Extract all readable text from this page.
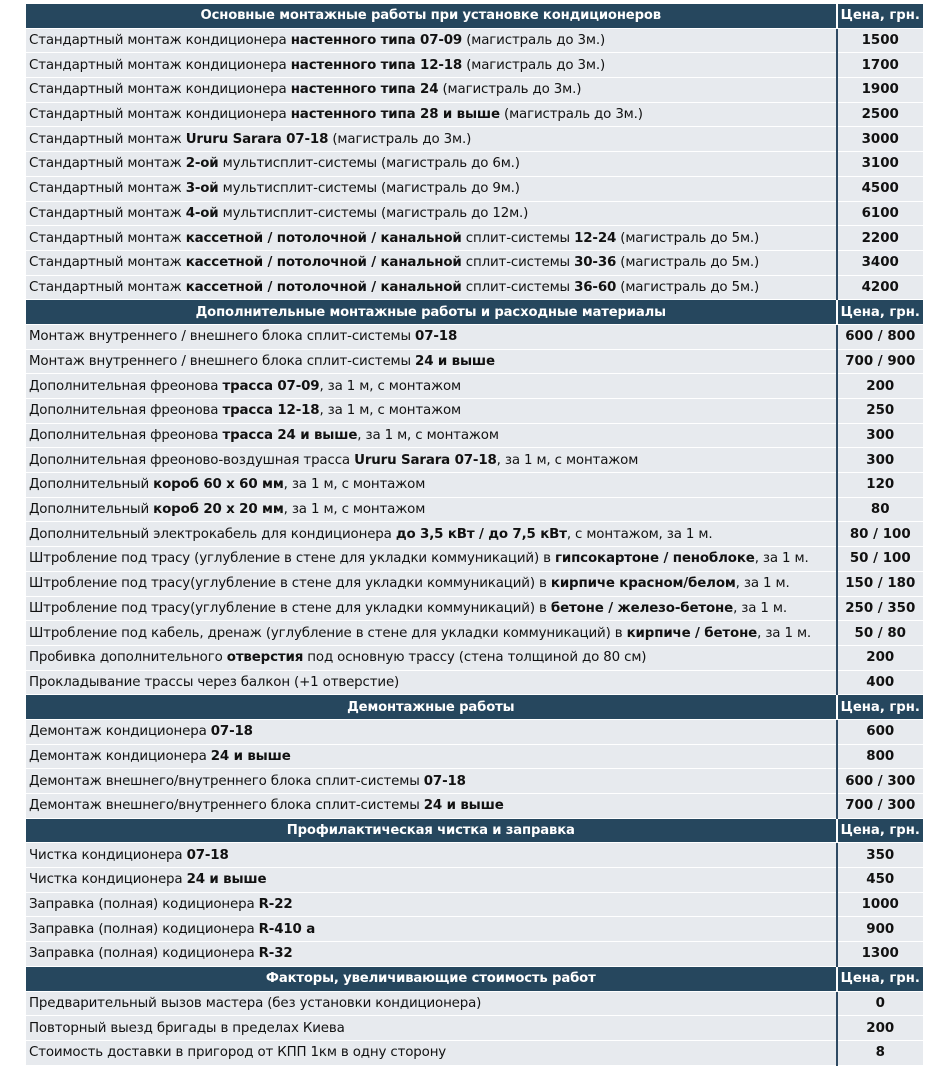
Основные монтажные работы при установке кондиционеров	Цена, грн.
Стандартный монтаж кондиционера настенного типа 07-09 (магистраль до 3м.)	1500
Стандартный монтаж кондиционера настенного типа 12-18 (магистраль до 3м.)	1700
Стандартный монтаж кондиционера настенного типа 24 (магистраль до 3м.)	1900
Стандартный монтаж кондиционера настенного типа 28 и выше (магистраль до 3м.)	2500
Стандартный монтаж Ururu Sarara 07-18 (магистраль до 3м.)	3000
Стандартный монтаж 2-ой мультисплит-системы (магистраль до 6м.)	3100
Стандартный монтаж 3-ой мультисплит-системы (магистраль до 9м.)	4500
Стандартный монтаж 4-ой мультисплит-системы (магистраль до 12м.)	6100
Стандартный монтаж кассетной / потолочной / канальной сплит-системы 12-24 (магистраль до 5м.)	2200
Стандартный монтаж кассетной / потолочной / канальной сплит-системы 30-36 (магистраль до 5м.)	3400
Стандартный монтаж кассетной / потолочной / канальной сплит-системы 36-60 (магистраль до 5м.)	4200
Дополнительные монтажные работы и расходные материалы	Цена, грн.
Монтаж внутреннего / внешнего блока сплит-системы 07-18	600 / 800
Монтаж внутреннего / внешнего блока сплит-системы 24 и выше	700 / 900
Дополнительная фреонова трасса 07-09, за 1 м, с монтажом	200
Дополнительная фреонова трасса 12-18, за 1 м, с монтажом	250
Дополнительная фреонова трасса 24 и выше, за 1 м, с монтажом	300
Дополнительная фреоново-воздушная трасса Ururu Sarara 07-18, за 1 м, с монтажом	300
Дополнительный короб 60 х 60 мм, за 1 м, с монтажом	120
Дополнительный короб 20 х 20 мм, за 1 м, с монтажом	80
Дополнительный электрокабель для кондиционера до 3,5 кВт / до 7,5 кВт, с монтажом, за 1 м.	80 / 100
Штробление под трасу (углубление в стене для укладки коммуникаций) в гипсокартоне / пеноблоке, за 1 м.	50 / 100
Штробление под трасу(углубление в стене для укладки коммуникаций) в кирпиче красном/белом, за 1 м.	150 / 180
Штробление под трасу(углубление в стене для укладки коммуникаций) в бетоне / железо-бетоне, за 1 м.	250 / 350
Штробление под кабель, дренаж (углубление в стене для укладки коммуникаций) в кирпиче / бетоне, за 1 м.	50 / 80
Пробивка дополнительного отверстия под основную трассу (стена толщиной до 80 см)	200
Прокладывание трассы через балкон (+1 отверстие)	400
Демонтажные работы	Цена, грн.
Демонтаж кондиционера 07-18	600
Демонтаж кондиционера 24 и выше	800
Демонтаж внешнего/внутреннего блока сплит-системы 07-18	600 / 300
Демонтаж внешнего/внутреннего блока сплит-системы 24 и выше	700 / 300
Профилактическая чистка и заправка	Цена, грн.
Чистка кондиционера 07-18	350
Чистка кондиционера 24 и выше	450
Заправка (полная) кодиционера R-22	1000
Заправка (полная) кодиционера R-410 а	900
Заправка (полная) кодиционера R-32	1300
Факторы, увеличивающие стоимость работ	Цена, грн.
Предварительный вызов мастера (без установки кондиционера)	0
Повторный выезд бригады в пределах Киева	200
Стоимость доставки в пригород от КПП 1км в одну сторону	8
